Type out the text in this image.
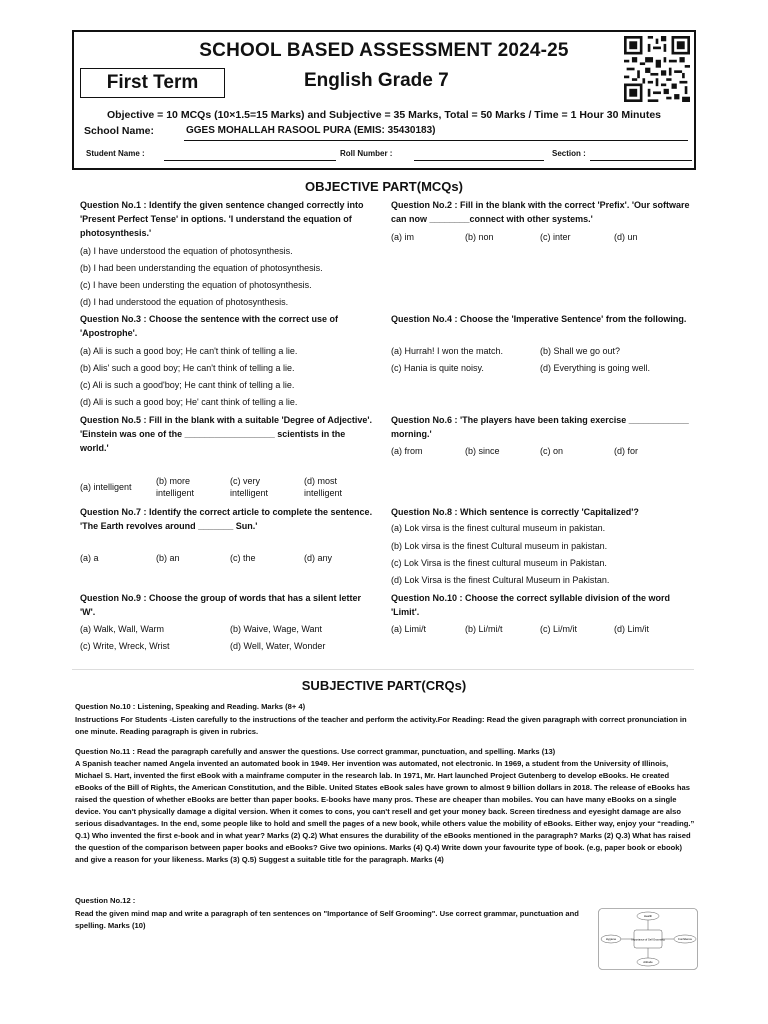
SCHOOL BASED ASSESSMENT 2024-25
First Term	English Grade 7
Objective = 10 MCQs (10×1.5=15 Marks) and Subjective = 35 Marks, Total = 50 Marks / Time = 1 Hour 30 Minutes
School Name:	GGES MOHALLAH RASOOL PURA (EMIS: 35430183)
Student Name :	Roll Number :	Section :
OBJECTIVE PART(MCQs)
Question No.1 : Identify the given sentence changed correctly into 'Present Perfect Tense' in options. 'I understand the equation of photosynthesis.'
(a) I have understood the equation of photosynthesis.
(b) I had been understanding the equation of photosynthesis.
(c) I have been understing the equation of photosynthesis.
(d) I had understood the equation of photosynthesis.
Question No.2 : Fill in the blank with the correct 'Prefix'. 'Our software can now ________connect with other systems.'
(a) im	(b) non	(c) inter	(d) un
Question No.3 : Choose the sentence with the correct use of 'Apostrophe'.
(a) Ali is such a good boy; He can't think of telling a lie.
(b) Alis' such a good boy; He can't think of telling a lie.
(c) Ali is such a good'boy; He cant think of telling a lie.
(d) Ali is such a good boy; He' cant think of telling a lie.
Question No.4 : Choose the 'Imperative Sentence' from the following.
(a) Hurrah! I won the match.	(b) Shall we go out?
(c) Hania is quite noisy.	(d) Everything is going well.
Question No.5 : Fill in the blank with a suitable 'Degree of Adjective'.
'Einstein was one of the __________________ scientists in the world.'
(a) intelligent
(b) more intelligent
(c) very intelligent
(d) most intelligent
Question No.6 : 'The players have been taking exercise ____________ morning.'
(a) from	(b) since	(c) on	(d) for
Question No.7 : Identify the correct article to complete the sentence.
'The Earth revolves around _______ Sun.'
(a) a	(b) an	(c) the	(d) any
Question No.8 : Which sentence is correctly 'Capitalized'?
(a) Lok virsa is the finest cultural museum in pakistan.
(b) Lok virsa is the finest Cultural museum in pakistan.
(c) Lok Virsa is the finest cultural museum in Pakistan.
(d) Lok Virsa is the finest Cultural Museum in Pakistan.
Question No.9 : Choose the group of words that has a silent letter 'W'.
(a) Walk, Wall, Warm	(b) Waive, Wage, Want
(c) Write, Wreck, Wrist	(d) Well, Water, Wonder
Question No.10 : Choose the correct syllable division of the word 'Limit'.
(a) Limi/t	(b) Li/mi/t	(c) Li/m/it	(d) Lim/it
SUBJECTIVE PART(CRQs)
Question No.10 : Listening, Speaking and Reading. Marks (8+ 4)
Instructions For Students -Listen carefully to the instructions of the teacher and perform the activity.For Reading: Read the given paragraph with correct pronunciation in one minute. Reading paragraph is given in rubrics.
Question No.11 : Read the paragraph carefully and answer the questions. Use correct grammar, punctuation, and spelling. Marks (13)
A Spanish teacher named Angela invented an automated book in 1949. Her invention was automated, not electronic. In 1969, a student from the University of Illinois, Michael S. Hart, invented the first eBook with a mainframe computer in the research lab. In 1971, Mr. Hart launched Project Gutenberg to develop eBooks. He created eBooks of the Bill of Rights, the American Constitution, and the Bible. United States eBook sales have grown to almost 9 billion dollars in 2018. The release of eBooks has raised the question of whether eBooks are better than paper books. E-books have many pros. These are cheaper than mobiles. You can have many eBooks on a single device. You can't physically damage a digital version. When it comes to cons, you can't resell and get your money back. Screen tiredness and eyesight damage are also serious disadvantages. In the end, some people like to hold and smell the pages of a new book, while others value the mobility of eBooks. Either way, enjoy your “reading.” Q.1) Who invented the first e-book and in what year? Marks (2) Q.2) What ensures the durability of the eBooks mentioned in the paragraph? Marks (2) Q.3) What has raised the question of the comparison between paper books and eBooks? Give two opinions. Marks (4) Q.4) Write down your favourite type of book. (e.g, paper book or ebook) and give a reason for your likeness. Marks (3) Q.5) Suggest a suitable title for the paragraph. Marks (4)
Question No.12 :
Read the given mind map and write a paragraph of ten sentences on "Importance of Self Grooming". Use correct grammar, punctuation and spelling. Marks (10)
Importance of Self Grooming
Health
Hygiene	Confidence
Attitude
